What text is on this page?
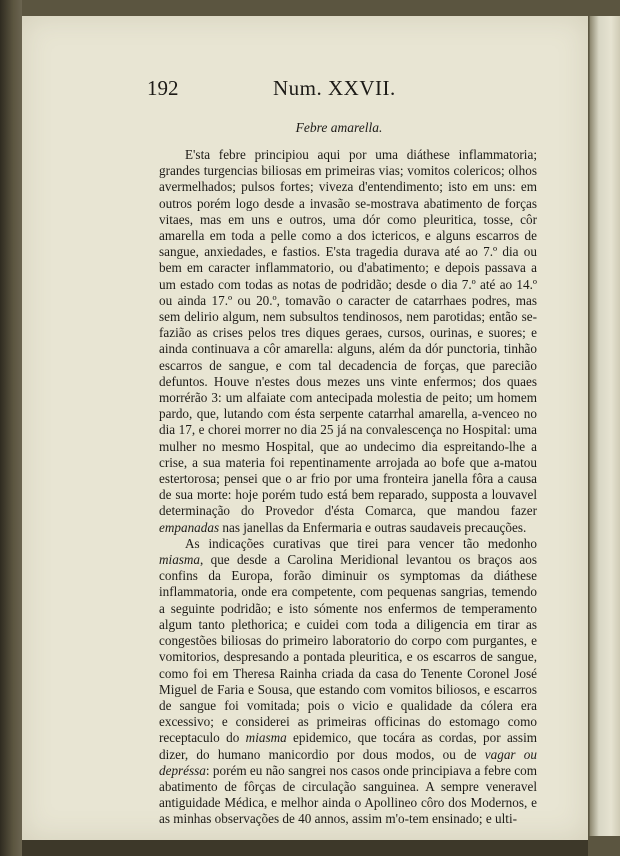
192	Num. XXVII.
Febre amarella.

E'sta febre principiou aqui por uma diáthese inflammatoria; grandes turgencias biliosas em primeiras vias; vomitos colericos; olhos avermelhados; pulsos fortes; viveza d'entendimento; isto em uns: em outros porém logo desde a invasão se-mostrava abatimento de forças vitaes, mas em uns e outros, uma dór como pleuritica, tosse, côr amarella em toda a pelle como a dos ictericos, e alguns escarros de sangue, anxiedades, e fastios. E'sta tragedia durava até ao 7.º dia ou bem em caracter inflammatorio, ou d'abatimento; e depois passava a um estado com todas as notas de podridão; desde o dia 7.º até ao 14.º ou ainda 17.º ou 20.º, tomavão o caracter de catarrhaes podres, mas sem delirio algum, nem subsultos tendinosos, nem parotidas; então se-fazião as crises pelos tres diques geraes, cursos, ourinas, e suores; e ainda continuava a côr amarella: alguns, além da dór punctoria, tinhão escarros de sangue, e com tal decadencia de forças, que parecião defuntos. Houve n'estes dous mezes uns vinte enfermos; dos quaes morrérão 3: um alfaiate com antecipada molestia de peito; um homem pardo, que, lutando com ésta serpente catarrhal amarella, a-venceo no dia 17, e chorei morrer no dia 25 já na convalescença no Hospital: uma mulher no mesmo Hospital, que ao undecimo dia espreitando-lhe a crise, a sua materia foi repentinamente arrojada ao bofe que a-matou estertorosa; pensei que o ar frio por uma fronteira janella fôra a causa de sua morte: hoje porém tudo está bem reparado, supposta a louvavel determinação do Provedor d'ésta Comarca, que mandou fazer empanadas nas janellas da Enfermaria e outras saudaveis precauções.

As indicações curativas que tirei para vencer tão medonho miasma, que desde a Carolina Meridional levantou os braços aos confins da Europa, forão diminuir os symptomas da diáthese inflammatoria, onde era competente, com pequenas sangrias, temendo a seguinte podridão; e isto sómente nos enfermos de temperamento algum tanto plethorica; e cuidei com toda a diligencia em tirar as congestões biliosas do primeiro laboratorio do corpo com purgantes, e vomitorios, despresando a pontada pleuritica, e os escarros de sangue, como foi em Theresa Rainha criada da casa do Tenente Coronel José Miguel de Faria e Sousa, que estando com vomitos biliosos, e escarros de sangue foi vomitada; pois o vicio e qualidade da cólera era excessivo; e considerei as primeiras officinas do estomago como receptaculo do miasma epidemico, que tocára as cordas, por assim dizer, do humano manicordio por dous modos, ou de vagar ou depréssa: porém eu não sangrei nos casos onde principiava a febre com abatimento de fôrças de circulação sanguinea. A sempre veneravel antiguidade Médica, e melhor ainda o Apollineo côro dos Modernos, e as minhas observações de 40 annos, assim m'o-tem ensinado; e ulti-
